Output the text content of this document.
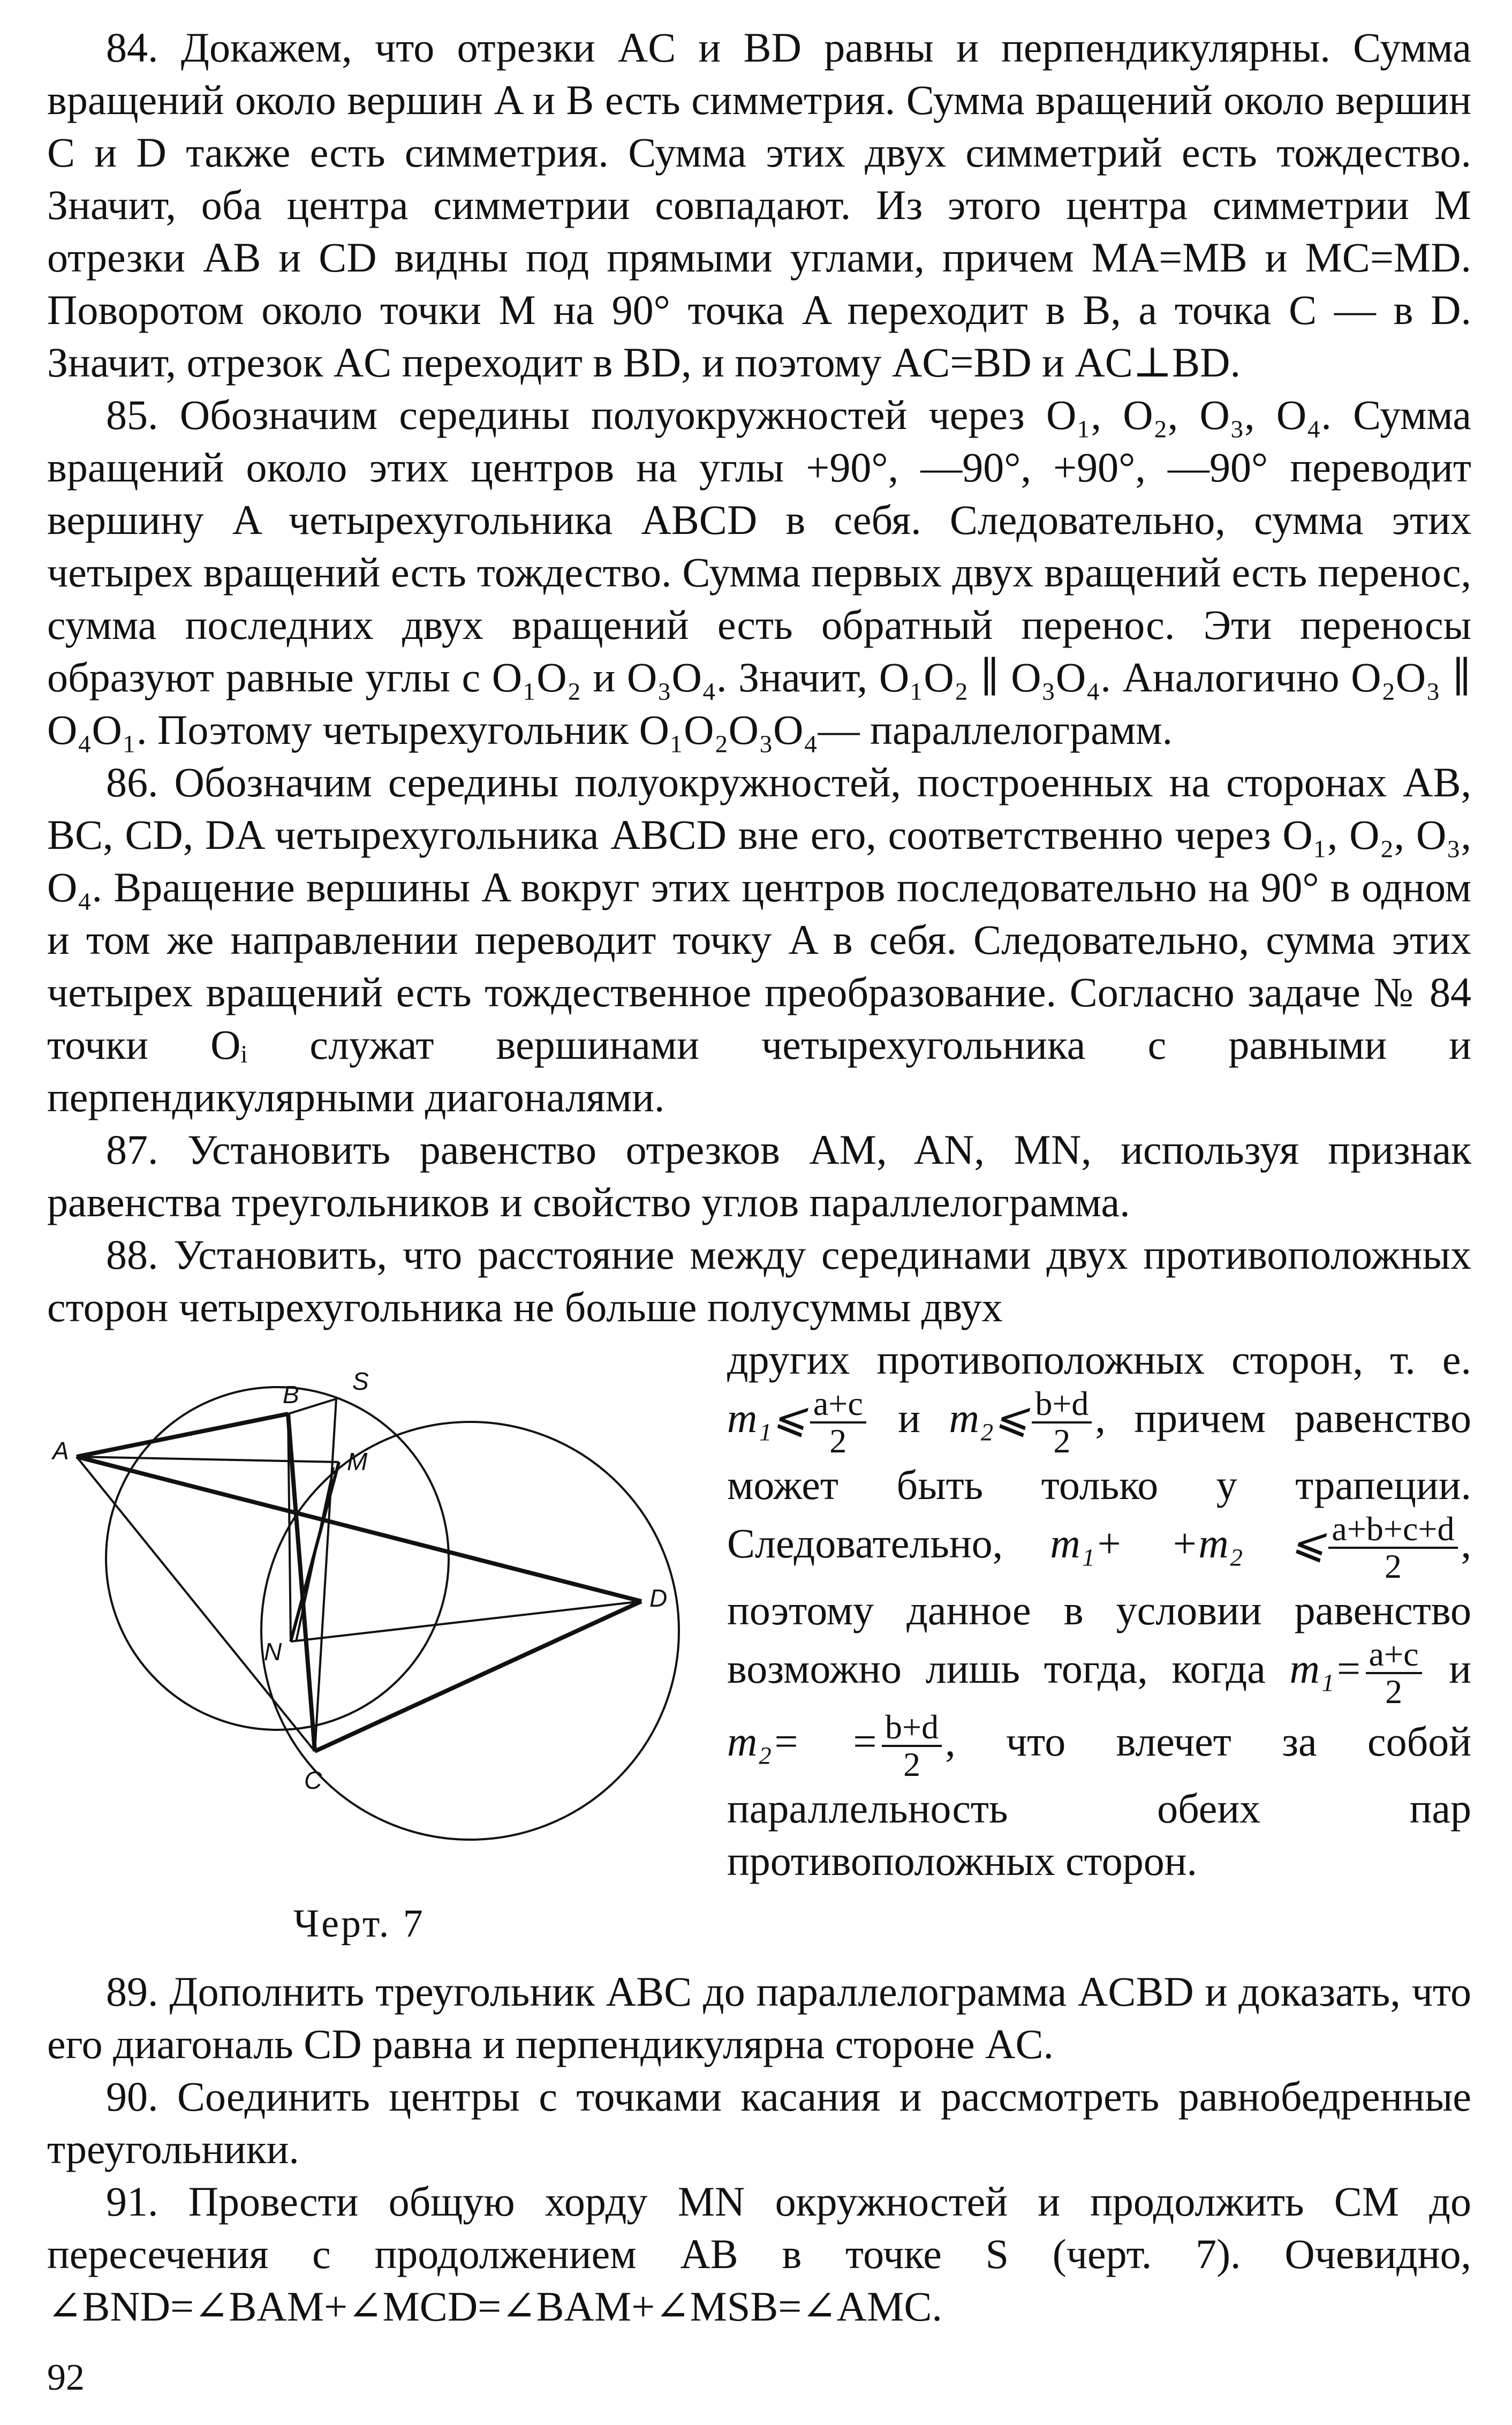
84. Докажем, что отрезки AC и BD равны и перпендикулярны. Сумма вращений около вершин A и B есть симметрия. Сумма вращений около вершин C и D также есть симметрия. Сумма этих двух симметрий есть тождество. Значит, оба центра симметрии совпадают. Из этого центра симметрии M отрезки AB и CD видны под прямыми углами, причем MA=MB и MC=MD. Поворотом около точки M на 90° точка A переходит в B, а точка C — в D. Значит, отрезок AC переходит в BD, и поэтому AC=BD и AC⊥BD.

85. Обозначим середины полуокружностей через O₁, O₂, O₃, O₄. Сумма вращений около этих центров на углы +90°, —90°, +90°, —90° переводит вершину A четырехугольника ABCD в себя. Следовательно, сумма этих четырех вращений есть тождество. Сумма первых двух вращений есть перенос, сумма последних двух вращений есть обратный перенос. Эти переносы образуют равные углы с O₁O₂ и O₃O₄. Значит, O₁O₂ ∥ O₃O₄. Аналогично O₂O₃ ∥ O₄O₁. Поэтому четырехугольник O₁O₂O₃O₄— параллелограмм.

86. Обозначим середины полуокружностей, построенных на сторонах AB, BC, CD, DA четырехугольника ABCD вне его, соответственно через O₁, O₂, O₃, O₄. Вращение вершины A вокруг этих центров последовательно на 90° в одном и том же направлении переводит точку A в себя. Следовательно, сумма этих четырех вращений есть тождественное преобразование. Согласно задаче № 84 точки Oᵢ служат вершинами четырехугольника с равными и перпендикулярными диагоналями.

87. Установить равенство отрезков AM, AN, MN, используя признак равенства треугольников и свойство углов параллелограмма.

88. Установить, что расстояние между серединами двух противоположных сторон четырехугольника не больше полусуммы двух

A
B S
M
N
C
D
Черт. 7

других противоположных сторон, т. е. m₁⩽ $\frac{a+c}{2}$ и m₂⩽ $\frac{b+d}{2}$ , причем равенство может быть только у трапеции. Следовательно, m₁+ +m₂ ⩽ $\frac{a+b+c+d}{2}$ , поэтому данное в условии равенство возможно лишь тогда, когда $m_1= \frac{a+c}{2}$ и $m_2= = \frac{b+d}{2}$ , что влечет за собой параллельность обеих пар противоположных сторон.

89. Дополнить треугольник ABC до параллелограмма ACBD и доказать, что его диагональ CD равна и перпендикулярна стороне AC.

90. Соединить центры с точками касания и рассмотреть равнобедренные треугольники.

91. Провести общую хорду MN окружностей и продолжить CM до пересечения с продолжением AB в точке S (черт. 7). Очевидно, ∠BND=∠BAM+∠MCD=∠BAM+∠MSB=∠AMC.

92
